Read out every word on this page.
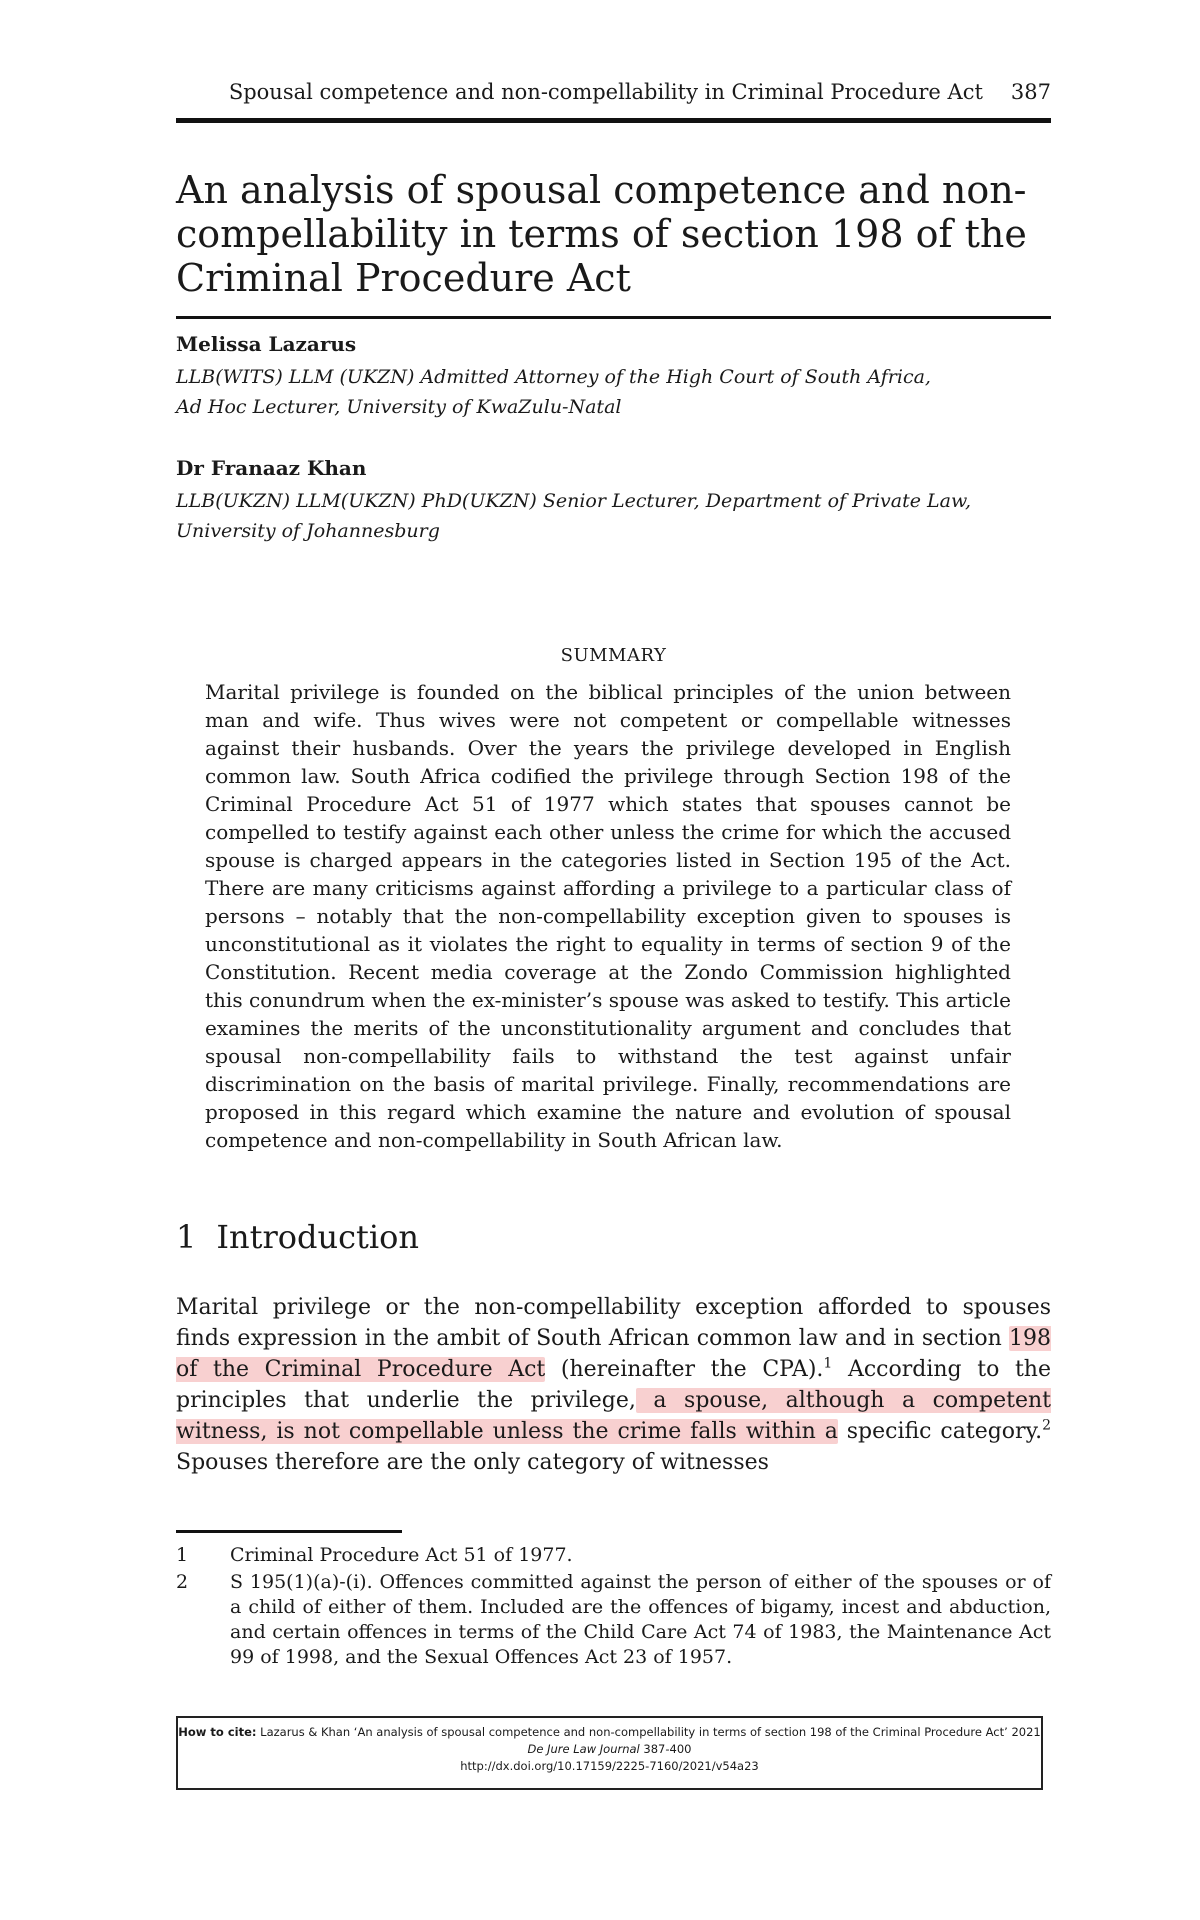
Spousal competence and non-compellability in Criminal Procedure Act 387
An analysis of spousal competence and non-compellability in terms of section 198 of the Criminal Procedure Act
Melissa Lazarus
LLB(WITS) LLM (UKZN) Admitted Attorney of the High Court of South Africa,
Ad Hoc Lecturer, University of KwaZulu-Natal
Dr Franaaz Khan
LLB(UKZN) LLM(UKZN) PhD(UKZN) Senior Lecturer, Department of Private Law,
University of Johannesburg
SUMMARY

Marital privilege is founded on the biblical principles of the union between man and wife. Thus wives were not competent or compellable witnesses against their husbands. Over the years the privilege developed in English common law. South Africa codified the privilege through Section 198 of the Criminal Procedure Act 51 of 1977 which states that spouses cannot be compelled to testify against each other unless the crime for which the accused spouse is charged appears in the categories listed in Section 195 of the Act. There are many criticisms against affording a privilege to a particular class of persons – notably that the non-compellability exception given to spouses is unconstitutional as it violates the right to equality in terms of section 9 of the Constitution. Recent media coverage at the Zondo Commission highlighted this conundrum when the ex-minister’s spouse was asked to testify. This article examines the merits of the unconstitutionality argument and concludes that spousal non-compellability fails to withstand the test against unfair discrimination on the basis of marital privilege. Finally, recommendations are proposed in this regard which examine the nature and evolution of spousal competence and non-compellability in South African law.

1 Introduction

Marital privilege or the non-compellability exception afforded to spouses finds expression in the ambit of South African common law and in section 198 of the Criminal Procedure Act (hereinafter the CPA).$^1$ According to the principles that underlie the privilege, a spouse, although a competent witness, is not compellable unless the crime falls within a specific category.$^2$ Spouses therefore are the only category of witnesses

1	Criminal Procedure Act 51 of 1977.
2	S 195(1)(a)-(i). Offences committed against the person of either of the spouses or of a child of either of them. Included are the offences of bigamy, incest and abduction, and certain offences in terms of the Child Care Act 74 of 1983, the Maintenance Act 99 of 1998, and the Sexual Offences Act 23 of 1957.
How to cite: Lazarus & Khan ‘An analysis of spousal competence and non-compellability in terms of section 198 of the Criminal Procedure Act’ 2021 De Jure Law Journal 387-400
http://dx.doi.org/10.17159/2225-7160/2021/v54a23
